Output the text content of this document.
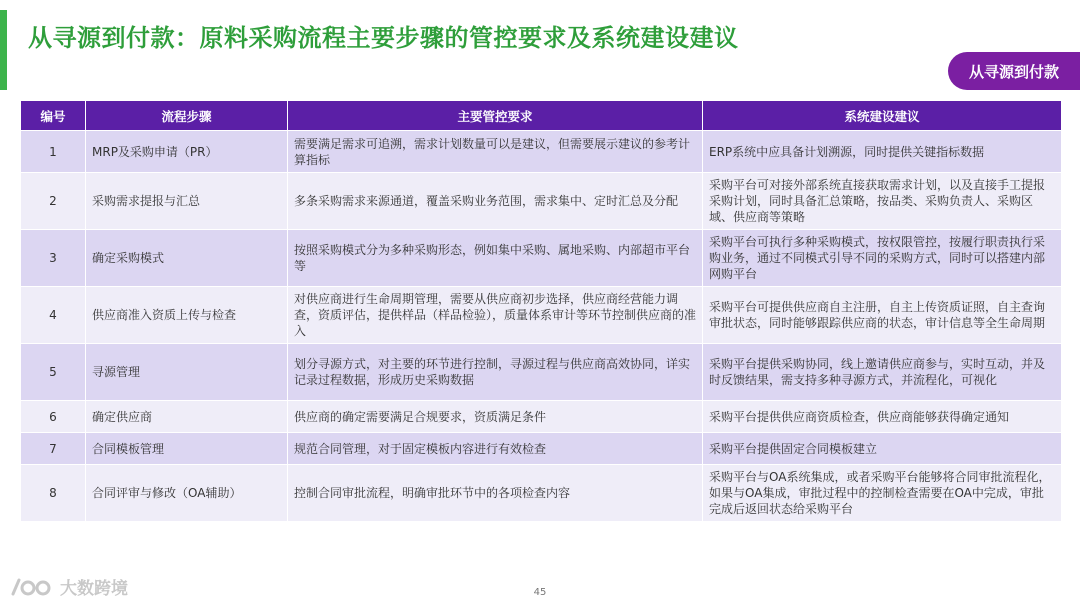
从寻源到付款：原料采购流程主要步骤的管控要求及系统建设建议
从寻源到付款
编号	流程步骤	主要管控要求	系统建设建议
1	MRP及采购申请（PR）	需要满足需求可追溯，需求计划数量可以是建议，但需要展示建议的参考计算指标	ERP系统中应具备计划溯源，同时提供关键指标数据
2	采购需求提报与汇总	多条采购需求来源通道，覆盖采购业务范围，需求集中、定时汇总及分配	采购平台可对接外部系统直接获取需求计划，以及直接手工提报采购计划，同时具备汇总策略，按品类、采购负责人、采购区域、供应商等策略
3	确定采购模式	按照采购模式分为多种采购形态，例如集中采购、属地采购、内部超市平台等	采购平台可执行多种采购模式，按权限管控，按履行职责执行采购业务，通过不同模式引导不同的采购方式，同时可以搭建内部网购平台
4	供应商准入资质上传与检查	对供应商进行生命周期管理，需要从供应商初步选择，供应商经营能力调查，资质评估，提供样品（样品检验），质量体系审计等环节控制供应商的准入	采购平台可提供供应商自主注册，自主上传资质证照，自主查询审批状态，同时能够跟踪供应商的状态，审计信息等全生命周期
5	寻源管理	划分寻源方式，对主要的环节进行控制，寻源过程与供应商高效协同，详实记录过程数据，形成历史采购数据	采购平台提供采购协同，线上邀请供应商参与，实时互动，并及时反馈结果，需支持多种寻源方式，并流程化，可视化
6	确定供应商	供应商的确定需要满足合规要求，资质满足条件	采购平台提供供应商资质检查，供应商能够获得确定通知
7	合同模板管理	规范合同管理，对于固定模板内容进行有效检查	采购平台提供固定合同模板建立
8	合同评审与修改（OA辅助）	控制合同审批流程，明确审批环节中的各项检查内容	采购平台与OA系统集成，或者采购平台能够将合同审批流程化，如果与OA集成，审批过程中的控制检查需要在OA中完成，审批完成后返回状态给采购平台
大数跨境	45
